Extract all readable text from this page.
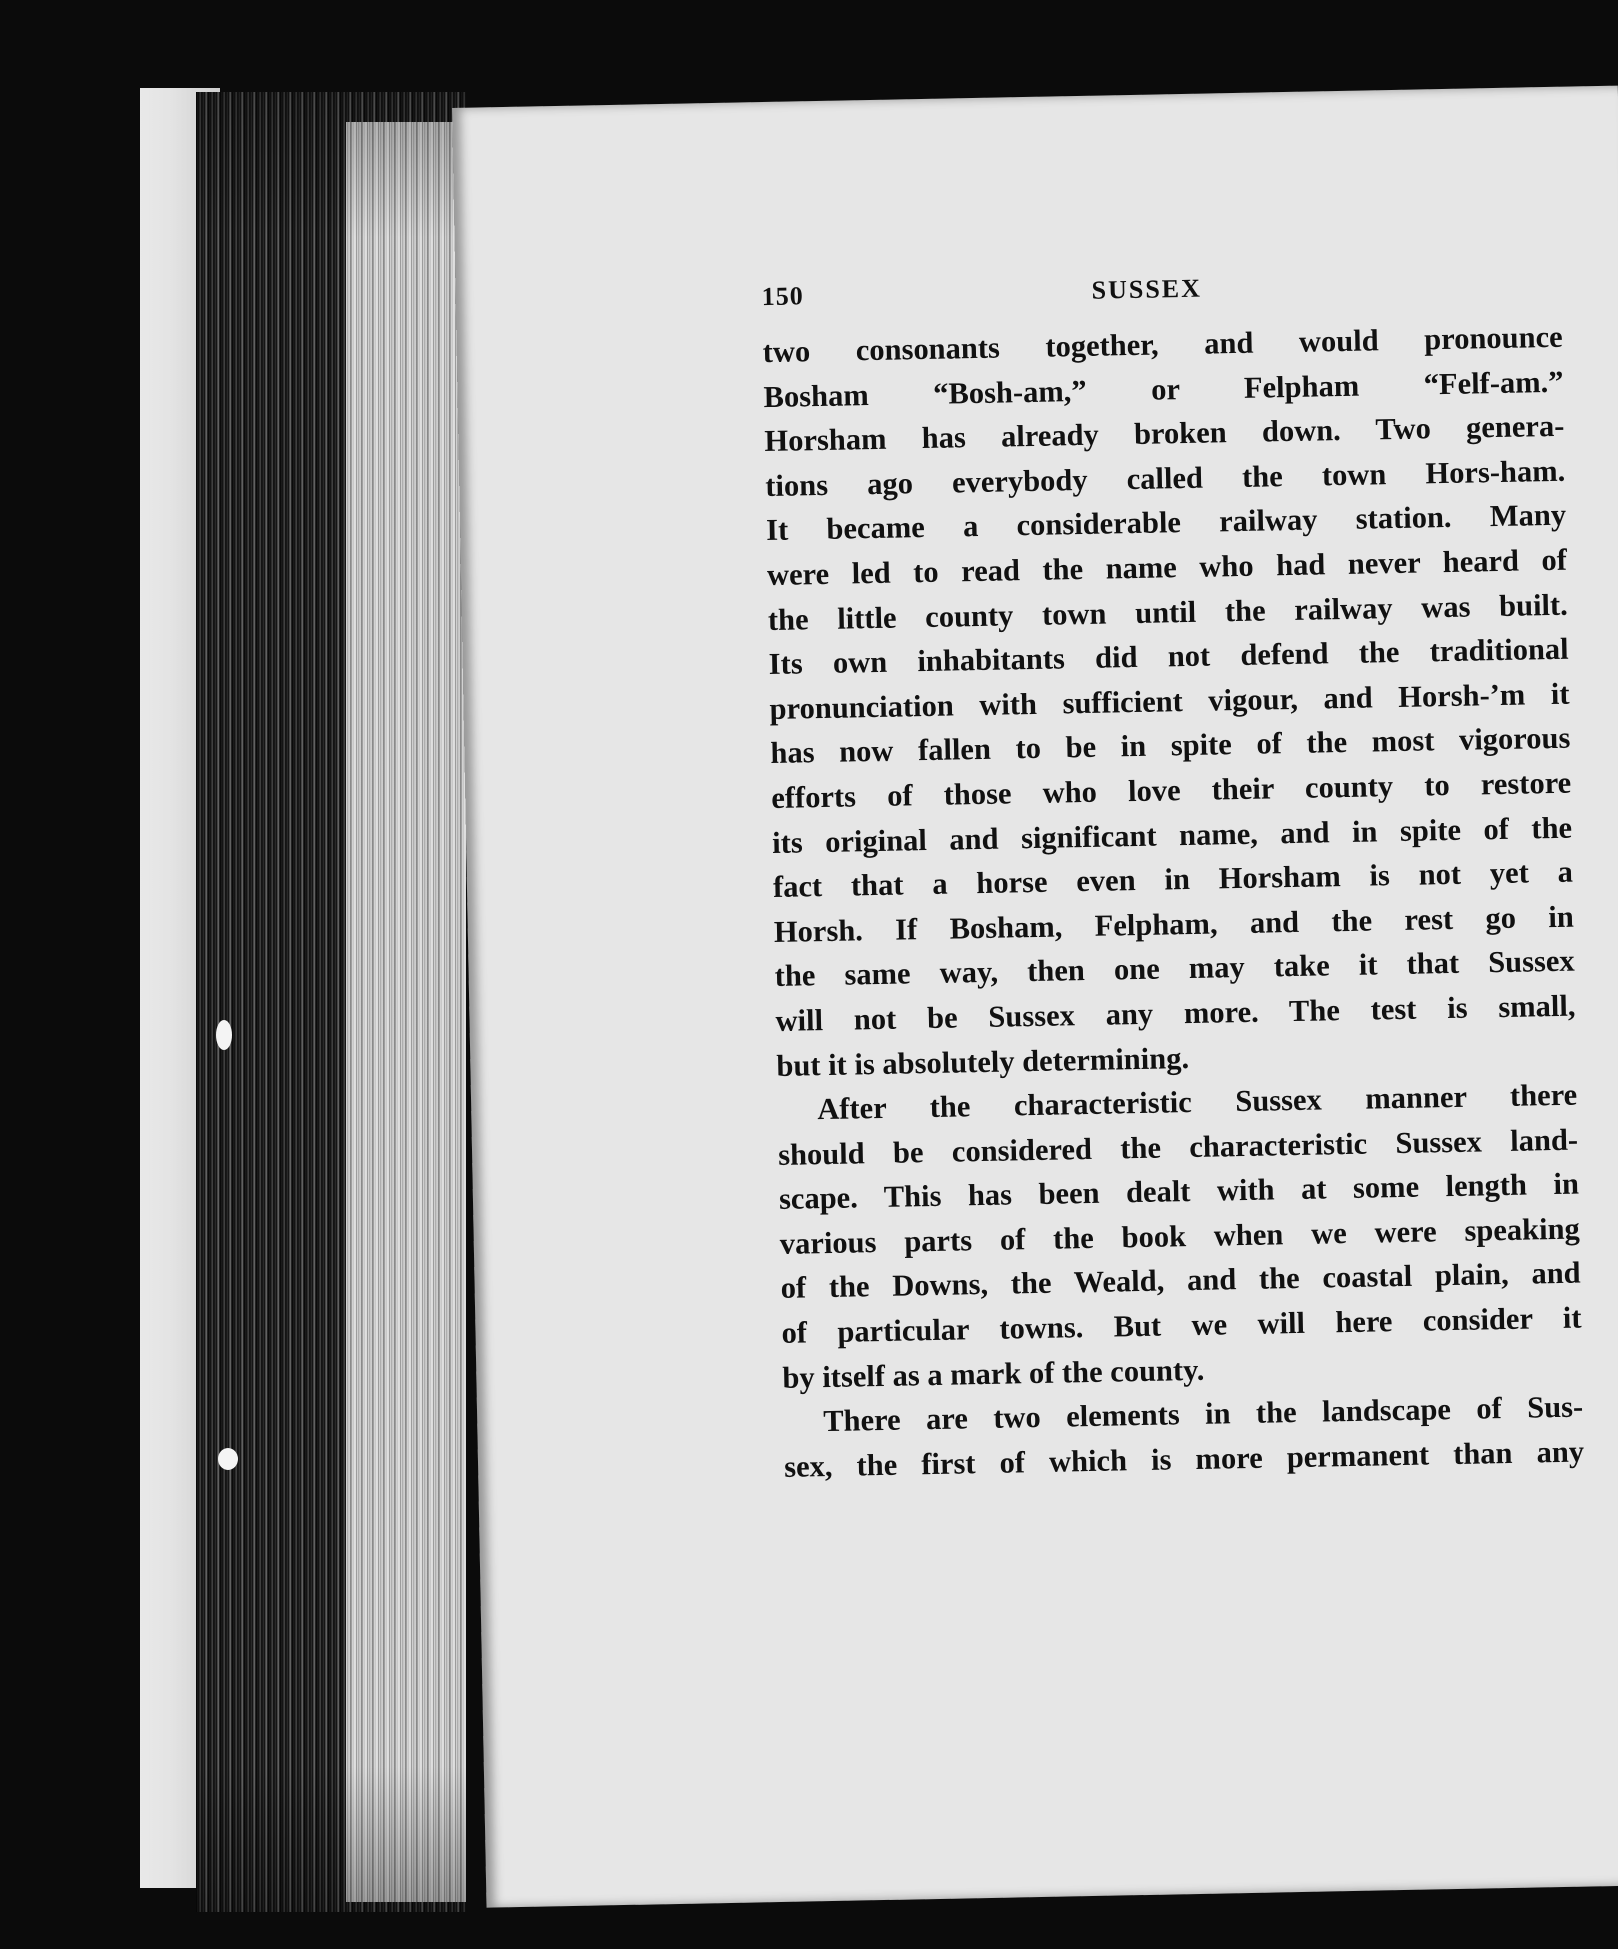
150	SUSSEX

two consonants together, and would pronounce
Bosham “Bosh-am,” or Felpham “Felf-am.”
Horsham has already broken down. Two genera-
tions ago everybody called the town Hors-ham.
It became a considerable railway station. Many
were led to read the name who had never heard of
the little county town until the railway was built.
Its own inhabitants did not defend the traditional
pronunciation with sufficient vigour, and Horsh-’m it
has now fallen to be in spite of the most vigorous
efforts of those who love their county to restore
its original and significant name, and in spite of the
fact that a horse even in Horsham is not yet a
Horsh. If Bosham, Felpham, and the rest go in
the same way, then one may take it that Sussex
will not be Sussex any more. The test is small,
but it is absolutely determining.

After the characteristic Sussex manner there
should be considered the characteristic Sussex land-
scape. This has been dealt with at some length in
various parts of the book when we were speaking
of the Downs, the Weald, and the coastal plain, and
of particular towns. But we will here consider it
by itself as a mark of the county.

There are two elements in the landscape of Sus-
sex, the first of which is more permanent than any
